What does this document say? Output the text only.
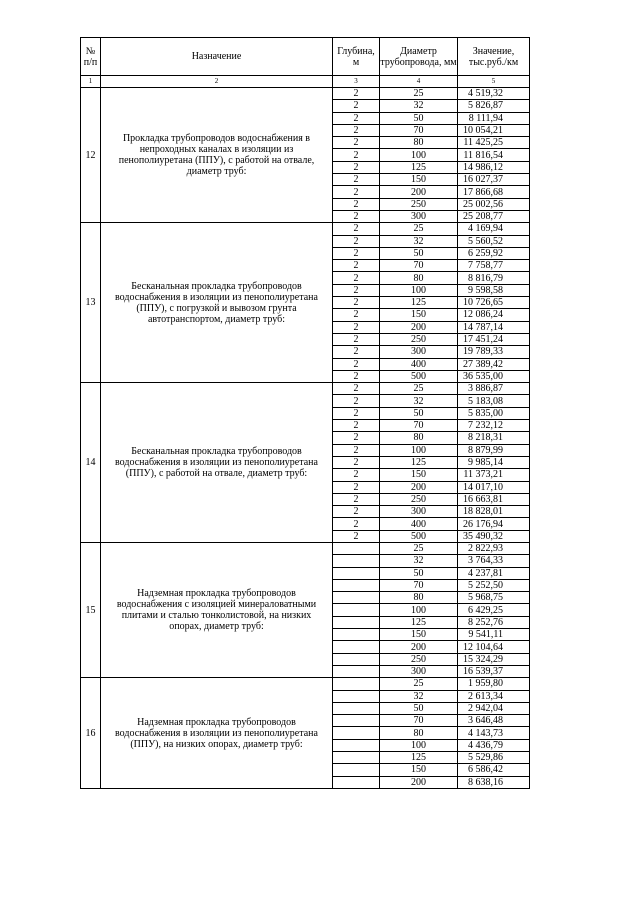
№ п/п	Назначение	Глубина, м	Диаметр трубопровода, мм	Значение, тыс.руб./км
1	2	3	4	5
12	Прокладка трубопроводов водоснабжения в непроходных каналах в изоляции из пенополиуретана (ППУ), с работой на отвале, диаметр труб:	2	25	4 519,32
		2	32	5 826,87
		2	50	8 111,94
		2	70	10 054,21
		2	80	11 425,25
		2	100	11 816,54
		2	125	14 986,12
		2	150	16 027,37
		2	200	17 866,68
		2	250	25 002,56
		2	300	25 208,77
13	Бесканальная прокладка трубопроводов водоснабжения в изоляции из пенополиуретана (ППУ), с погрузкой и вывозом грунта автотранспортом, диаметр труб:	2	25	4 169,94
		2	32	5 560,52
		2	50	6 259,92
		2	70	7 758,77
		2	80	8 816,79
		2	100	9 598,58
		2	125	10 726,65
		2	150	12 086,24
		2	200	14 787,14
		2	250	17 451,24
		2	300	19 789,33
		2	400	27 389,42
		2	500	36 535,00
14	Бесканальная прокладка трубопроводов водоснабжения в изоляции из пенополиуретана (ППУ), с работой на отвале, диаметр труб:	2	25	3 886,87
		2	32	5 183,08
		2	50	5 835,00
		2	70	7 232,12
		2	80	8 218,31
		2	100	8 879,99
		2	125	9 985,14
		2	150	11 373,21
		2	200	14 017,10
		2	250	16 663,81
		2	300	18 828,01
		2	400	26 176,94
		2	500	35 490,32
15	Надземная прокладка трубопроводов водоснабжения с изоляцией минераловатными плитами и сталью тонколистовой, на низких опорах, диаметр труб:		25	2 822,93
			32	3 764,33
			50	4 237,81
			70	5 252,50
			80	5 968,75
			100	6 429,25
			125	8 252,76
			150	9 541,11
			200	12 104,64
			250	15 324,29
			300	16 539,37
16	Надземная прокладка трубопроводов водоснабжения в изоляции из пенополиуретана (ППУ), на низких опорах, диаметр труб:		25	1 959,80
			32	2 613,34
			50	2 942,04
			70	3 646,48
			80	4 143,73
			100	4 436,79
			125	5 529,86
			150	6 586,42
			200	8 638,16
